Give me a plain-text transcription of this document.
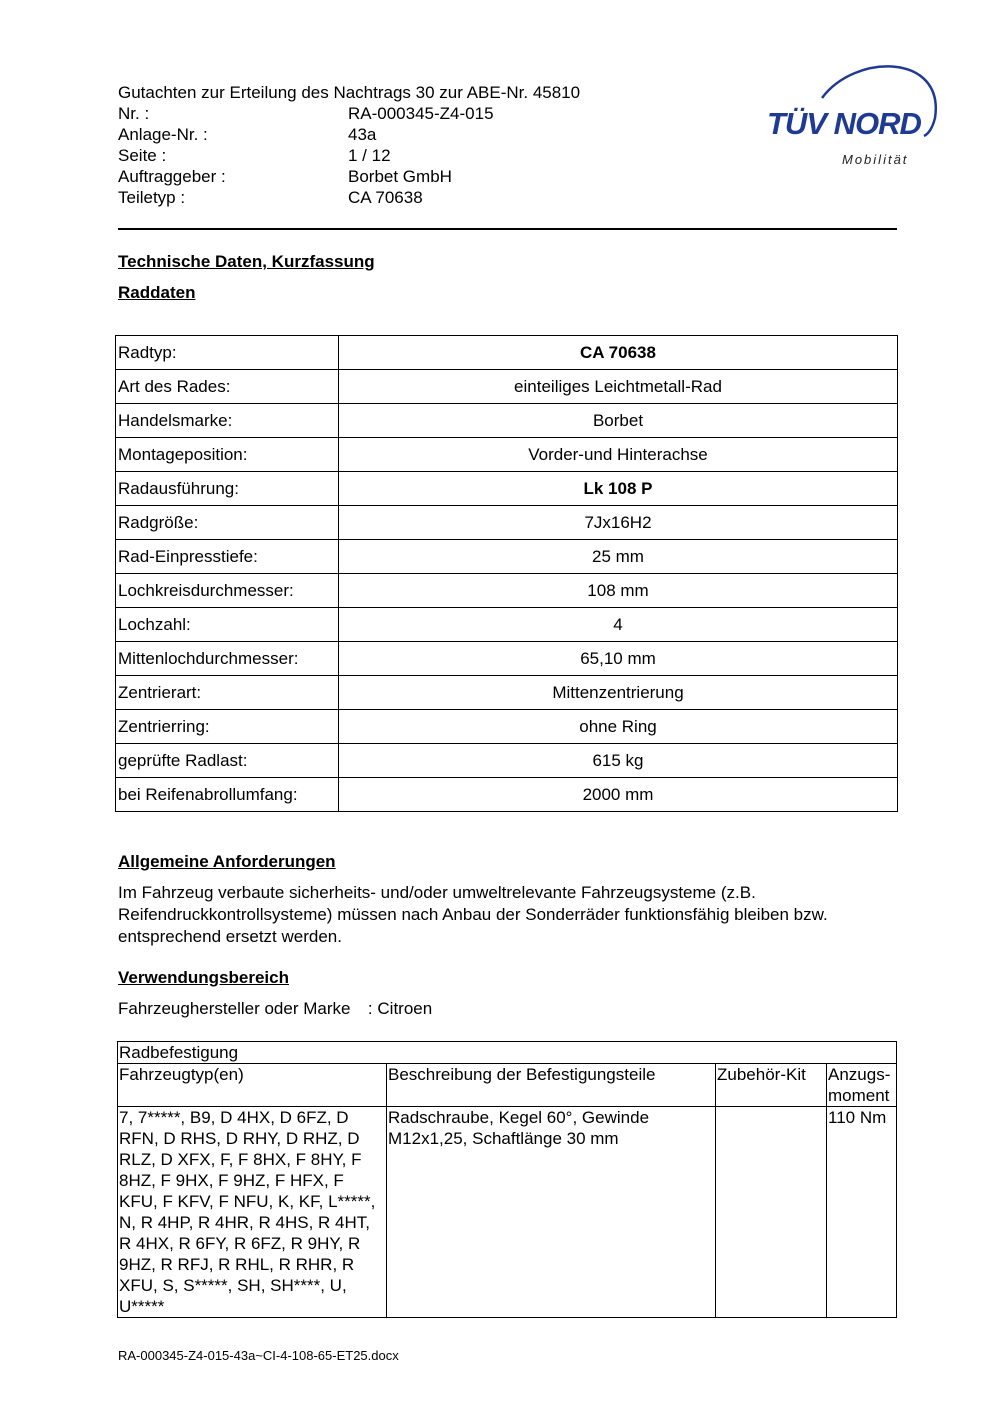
Gutachten zur Erteilung des Nachtrags 30 zur ABE-Nr. 45810
Nr. :	RA-000345-Z4-015
Anlage-Nr. :	43a
Seite :	1 / 12
Auftraggeber :	Borbet GmbH
Teiletyp :	CA 70638
TÜV NORD
Mobilität
Technische Daten, Kurzfassung
Raddaten
Radtyp:	CA 70638
Art des Rades:	einteiliges Leichtmetall-Rad
Handelsmarke:	Borbet
Montageposition:	Vorder-und Hinterachse
Radausführung:	Lk 108 P
Radgröße:	7Jx16H2
Rad-Einpresstiefe:	25 mm
Lochkreisdurchmesser:	108 mm
Lochzahl:	4
Mittenlochdurchmesser:	65,10 mm
Zentrierart:	Mittenzentrierung
Zentrierring:	ohne Ring
geprüfte Radlast:	615 kg
bei Reifenabrollumfang:	2000 mm
Allgemeine Anforderungen
Im Fahrzeug verbaute sicherheits- und/oder umweltrelevante Fahrzeugsysteme (z.B. Reifendruckkontrollsysteme) müssen nach Anbau der Sonderräder funktionsfähig bleiben bzw. entsprechend ersetzt werden.
Verwendungsbereich
Fahrzeughersteller oder Marke : Citroen
Radbefestigung			
Fahrzeugtyp(en)	Beschreibung der Befestigungsteile	Zubehör-Kit	Anzugs-moment
7, 7*****, B9, D 4HX, D 6FZ, D RFN, D RHS, D RHY, D RHZ, D RLZ, D XFX, F, F 8HX, F 8HY, F 8HZ, F 9HX, F 9HZ, F HFX, F KFU, F KFV, F NFU, K, KF, L*****, N, R 4HP, R 4HR, R 4HS, R 4HT, R 4HX, R 6FY, R 6FZ, R 9HY, R 9HZ, R RFJ, R RHL, R RHR, R XFU, S, S*****, SH, SH****, U, U*****	Radschraube, Kegel 60°, Gewinde M12x1,25, Schaftlänge 30 mm		110 Nm
RA-000345-Z4-015-43a~CI-4-108-65-ET25.docx
